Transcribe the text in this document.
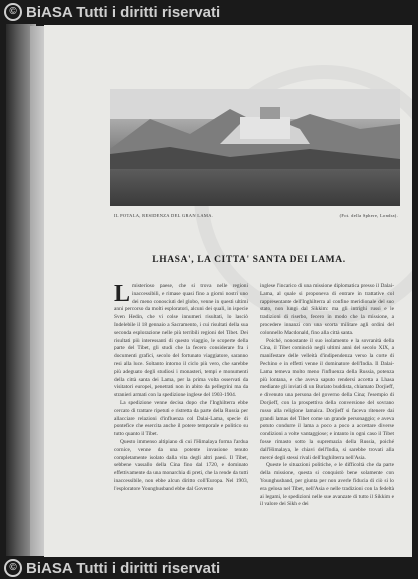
© BiASA Tutti i diritti riservati
IL POTALA, RESIDENZA DEL GRAN LAMA.	(Fot. della Sphere, Londra).
LHASA', LA CITTA' SANTA DEI LAMA.

L misterioso paese, che si trova nelle regioni inaccessibili, e rimase quasi fino a giorni nostri uno dei meno conosciuti del globo, venne in questi ultimi anni percorso da molti esploratori, alcuni dei quali, in ispecie Sven Hedin, che vi colse innumeri risultati, lo lasciò Indelebile il 18 gennaio a Sacramento, i cui risultati della sua seconda esplorazione nelle più terribili regioni del Tibet. Dei risultati più interessanti di questo viaggio, le scoperte della parte del Tibet, gli studi che la fecero considerare fra i documenti grafici, secolo del fortunato viaggiatore, saranno resi alla luce. Soltanto intorno il ciclo più vero, che sarebbe più adeguato degli studiosi i monasteri, tempi e monumenti della città santa dei Lama, per la prima volta osservati da visitatori europei, penetrati non in abito da pellegrini ma da stranieri armati con la spedizione inglese del 1903-1904.

La spedizione venne decisa dopo che l'Inghilterra ebbe cercato di trattare ripetuti e ristretta da parte della Russia per allacciare relazioni d'influenza col Dalai-Lama, specie di pontefice che esercita anche il potere temporale e politico su tutto quanto il Tibet.

Questo immenso altipiano di cui l'Himalaya forma l'ardua cornice, venne da una potente invasione tenuto completamente isolato dalla vita degli altri paesi. Il Tibet, sebbene vassallo della Cina fino dal 1720, e dominato effettivamente da una monarchia di preti, che la rende da tutti inaccessibile, non ebbe alcun diritto coll'Europa. Nel 1903, l'esploratore Younghusband ebbe dal Governo

inglese l'incarico di una missione diplomatica presso il Dalai-Lama, al quale si proponeva di entrare in trattative col rappresentante dell'Inghilterra al confine meridionale del suo stato, non lungi dal Sikkim: ma gli intrighi russi e le tradizioni di riserbo, fecero in modo che la missione, a procedere innanzi con una scorta militare agli ordini del colonnello Macdonald, fino alla città santa.

Poiché, nonostante il suo isolamento e la sovranità della Cina, il Tibet cominciò negli ultimi anni del secolo XIX, a manifestare delle velleità d'indipendenza verso la corte di Pechino e in effetti venne il dominatore dell'India. Il Dalai-Lama temeva molto meno l'influenza della Russia, potenza più lontana, e che aveva saputo rendersi accetta a Lhasa mediante gli inviati di un Buriato buddista, chiamato Dorjieff, e divenuto una persona del governo della Cina; l'esempio di Dorjieff, con la prospettiva della conversione del sovrano russo alla religione lamaica. Dorjieff si faceva ritenere dai grandi lamas del Tibet come un grande personaggio; e aveva potuto condurre il lama a poco a poco a accettare diverse condizioni a volte vantaggiose; e intanto in ogni caso il Tibet fosse rimasto sotto la supremazia della Russia, poiché dall'Himalaya, le chiavi dell'India, si sarebbe trovati alla mercé degli stessi rivali dell'Inghilterra nell'Asia.

Queste le situazioni politiche, e le difficoltà che da parte della missione, questa si conquistò bene solamente con Younghusband, per giunta per non averle fiducia di ciò si lo era gelosa nel Tibet, nell'Asia e nelle tradizioni con la fedeltà ai legami, le spedizioni nelle sue avanzate di tutto il Sikkim e il valore dei Sikh e dei

© BiASA Tutti i diritti riservati
